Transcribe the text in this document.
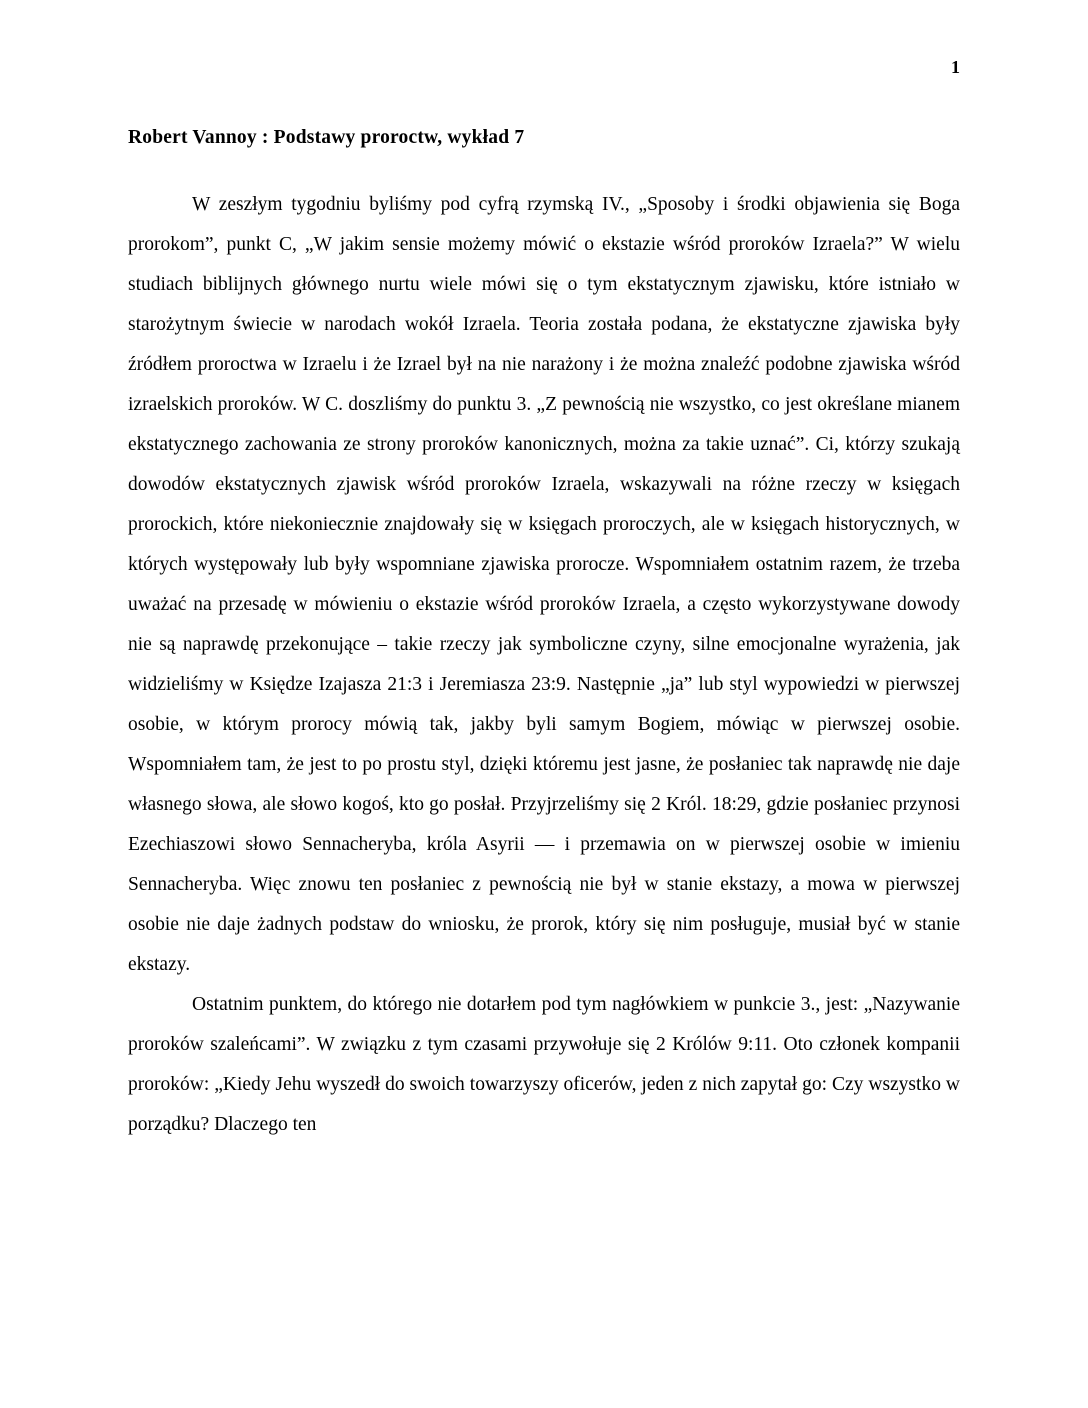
1
Robert Vannoy : Podstawy proroctw, wykład 7

W zeszłym tygodniu byliśmy pod cyfrą rzymską IV., „Sposoby i środki objawienia się Boga prorokom”, punkt C, „W jakim sensie możemy mówić o ekstazie wśród proroków Izraela?” W wielu studiach biblijnych głównego nurtu wiele mówi się o tym ekstatycznym zjawisku, które istniało w starożytnym świecie w narodach wokół Izraela. Teoria została podana, że ekstatyczne zjawiska były źródłem proroctwa w Izraelu i że Izrael był na nie narażony i że można znaleźć podobne zjawiska wśród izraelskich proroków. W C. doszliśmy do punktu 3. „Z pewnością nie wszystko, co jest określane mianem ekstatycznego zachowania ze strony proroków kanonicznych, można za takie uznać”. Ci, którzy szukają dowodów ekstatycznych zjawisk wśród proroków Izraela, wskazywali na różne rzeczy w księgach prorockich, które niekoniecznie znajdowały się w księgach proroczych, ale w księgach historycznych, w których występowały lub były wspomniane zjawiska prorocze. Wspomniałem ostatnim razem, że trzeba uważać na przesadę w mówieniu o ekstazie wśród proroków Izraela, a często wykorzystywane dowody nie są naprawdę przekonujące – takie rzeczy jak symboliczne czyny, silne emocjonalne wyrażenia, jak widzieliśmy w Księdze Izajasza 21:3 i Jeremiasza 23:9. Następnie „ja” lub styl wypowiedzi w pierwszej osobie, w którym prorocy mówią tak, jakby byli samym Bogiem, mówiąc w pierwszej osobie. Wspomniałem tam, że jest to po prostu styl, dzięki któremu jest jasne, że posłaniec tak naprawdę nie daje własnego słowa, ale słowo kogoś, kto go posłał. Przyjrzeliśmy się 2 Król. 18:29, gdzie posłaniec przynosi Ezechiaszowi słowo Sennacheryba, króla Asyrii — i przemawia on w pierwszej osobie w imieniu Sennacheryba. Więc znowu ten posłaniec z pewnością nie był w stanie ekstazy, a mowa w pierwszej osobie nie daje żadnych podstaw do wniosku, że prorok, który się nim posługuje, musiał być w stanie ekstazy.

Ostatnim punktem, do którego nie dotarłem pod tym nagłówkiem w punkcie 3., jest: „Nazywanie proroków szaleńcami”. W związku z tym czasami przywołuje się 2 Królów 9:11. Oto członek kompanii proroków: „Kiedy Jehu wyszedł do swoich towarzyszy oficerów, jeden z nich zapytał go: Czy wszystko w porządku? Dlaczego ten
